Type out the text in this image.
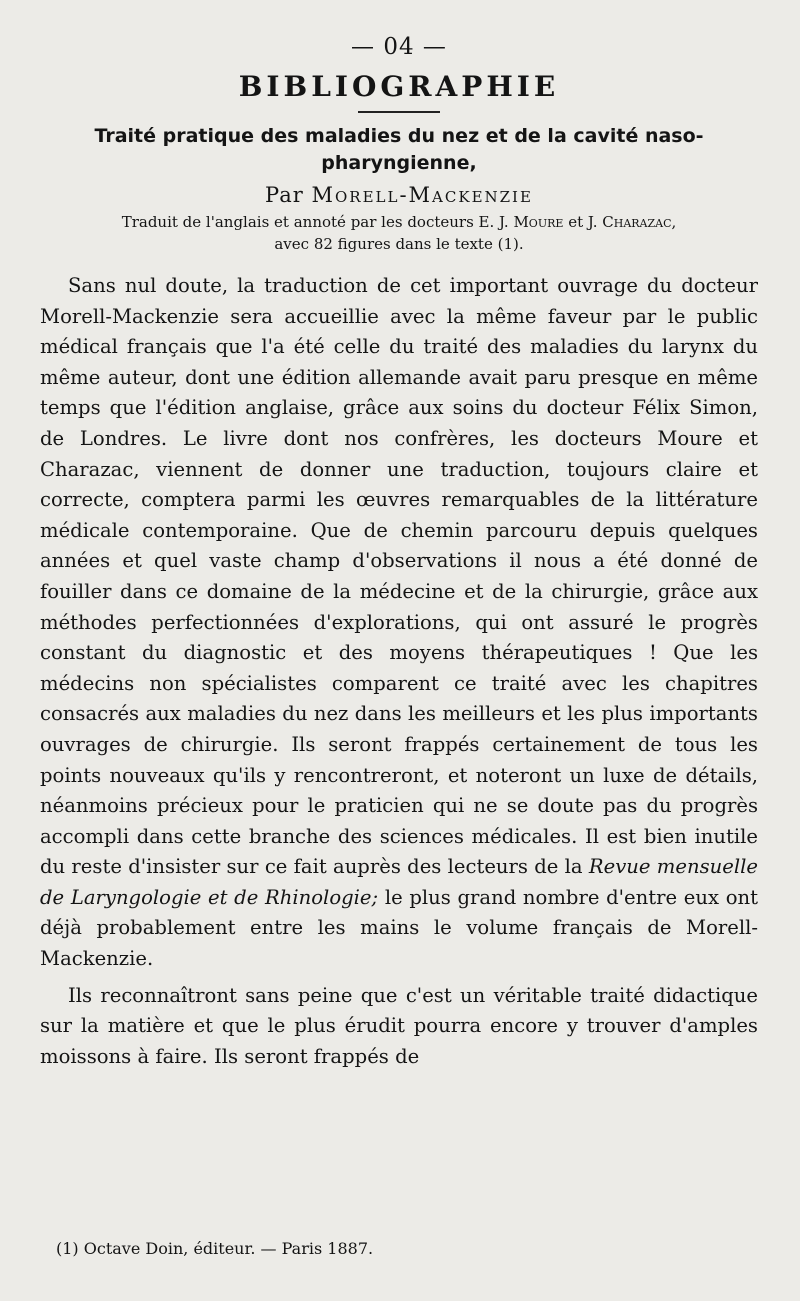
— 04 —
BIBLIOGRAPHIE
Traité pratique des maladies du nez et de la cavité naso-pharyngienne,
Par Morell-Mackenzie
Traduit de l'anglais et annoté par les docteurs E. J. Moure et J. Charazac,
avec 82 figures dans le texte (1).

Sans nul doute, la traduction de cet important ouvrage du docteur Morell-Mackenzie sera accueillie avec la même faveur par le public médical français que l'a été celle du traité des maladies du larynx du même auteur, dont une édition allemande avait paru presque en même temps que l'édition anglaise, grâce aux soins du docteur Félix Simon, de Londres. Le livre dont nos confrères, les docteurs Moure et Charazac, viennent de donner une traduction, toujours claire et correcte, comptera parmi les œuvres remarquables de la littérature médicale contemporaine. Que de chemin parcouru depuis quelques années et quel vaste champ d'observations il nous a été donné de fouiller dans ce domaine de la médecine et de la chirurgie, grâce aux méthodes perfectionnées d'explorations, qui ont assuré le progrès constant du diagnostic et des moyens thérapeutiques ! Que les médecins non spécialistes comparent ce traité avec les chapitres consacrés aux maladies du nez dans les meilleurs et les plus importants ouvrages de chirurgie. Ils seront frappés certainement de tous les points nouveaux qu'ils y rencontreront, et noteront un luxe de détails, néanmoins précieux pour le praticien qui ne se doute pas du progrès accompli dans cette branche des sciences médicales. Il est bien inutile du reste d'insister sur ce fait auprès des lecteurs de la Revue mensuelle de Laryngologie et de Rhinologie; le plus grand nombre d'entre eux ont déjà probablement entre les mains le volume français de Morell-Mackenzie.

Ils reconnaîtront sans peine que c'est un véritable traité didactique sur la matière et que le plus érudit pourra encore y trouver d'amples moissons à faire. Ils seront frappés de

(1) Octave Doin, éditeur. — Paris 1887.
